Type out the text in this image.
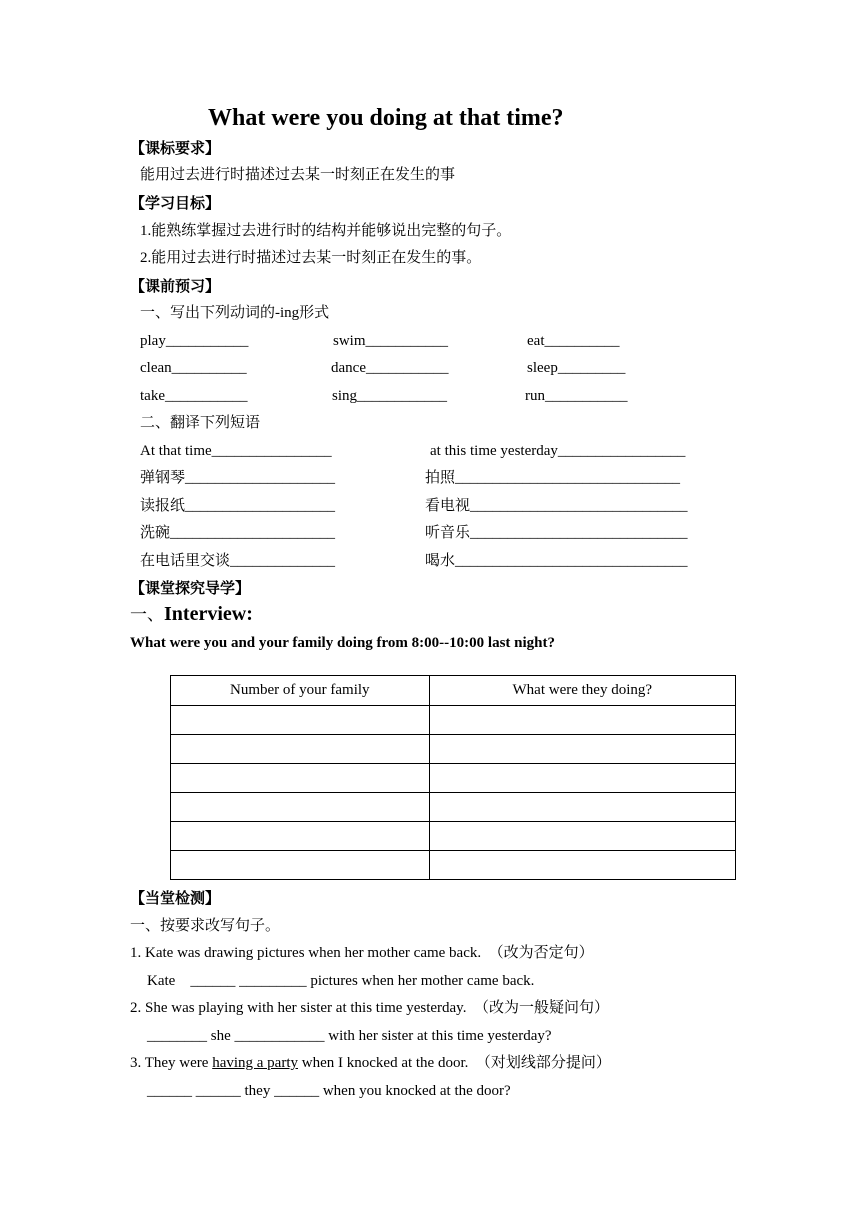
What were you doing at that time?
【课标要求】
能用过去进行时描述过去某一时刻正在发生的事
【学习目标】
1.能熟练掌握过去进行时的结构并能够说出完整的句子。
2.能用过去进行时描述过去某一时刻正在发生的事。
【课前预习】
一、写出下列动词的-ing形式
play___________	swim___________	eat__________
clean__________	dance___________	sleep_________
take___________	sing____________	run___________
二、翻译下列短语
At that time________________	at this time yesterday_________________
弹钢琴____________________	拍照______________________________
读报纸____________________	看电视_____________________________
洗碗______________________	听音乐_____________________________
在电话里交谈______________	喝水_______________________________
【课堂探究导学】
一、Interview:
What were you and your family doing from 8:00--10:00 last night?
Number of your family	What were they doing?

【当堂检测】
一、按要求改写句子。
1. Kate was drawing pictures when her mother came back. （改为否定句）
Kate    ______ _________ pictures when her mother came back.
2. She was playing with her sister at this time yesterday. （改为一般疑问句）
________ she ____________ with her sister at this time yesterday?
3. They were having a party when I knocked at the door. （对划线部分提问）
______ ______ they ______ when you knocked at the door?
